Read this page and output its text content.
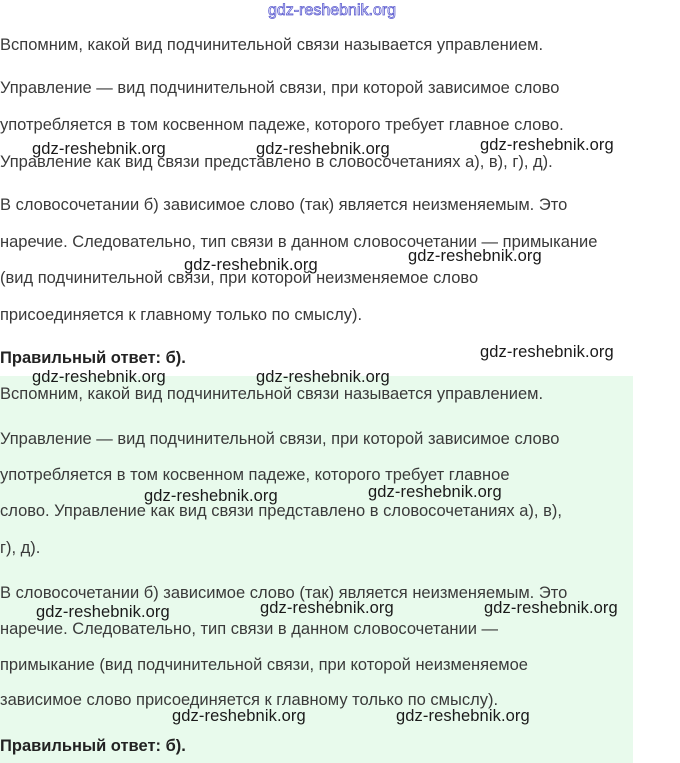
gdz-reshebnik.org

Вспомним, какой вид подчинительной связи называется управлением.

Управление — вид подчинительной связи, при которой зависимое слово

употребляется в том косвенном падеже, которого требует главное слово.

Управление как вид связи представлено в словосочетаниях а), в), г), д).

В словосочетании б) зависимое слово (так) является неизменяемым. Это

наречие. Следовательно, тип связи в данном словосочетании — примыкание

(вид подчинительной связи, при которой неизменяемое слово

присоединяется к главному только по смыслу).

Правильный ответ: б).

Вспомним, какой вид подчинительной связи называется управлением.

Управление — вид подчинительной связи, при которой зависимое слово

употребляется в том косвенном падеже, которого требует главное

слово. Управление как вид связи представлено в словосочетаниях а), в),

г), д).

В словосочетании б) зависимое слово (так) является неизменяемым. Это

наречие. Следовательно, тип связи в данном словосочетании —

примыкание (вид подчинительной связи, при которой неизменяемое

зависимое слово присоединяется к главному только по смыслу).

Правильный ответ: б).

gdz-reshebnik.org	gdz-reshebnik.org	gdz-reshebnik.org
gdz-reshebnik.org	gdz-reshebnik.org
gdz-reshebnik.org
gdz-reshebnik.org	gdz-reshebnik.org
gdz-reshebnik.org	gdz-reshebnik.org
gdz-reshebnik.org	gdz-reshebnik.org	gdz-reshebnik.org
gdz-reshebnik.org	gdz-reshebnik.org
